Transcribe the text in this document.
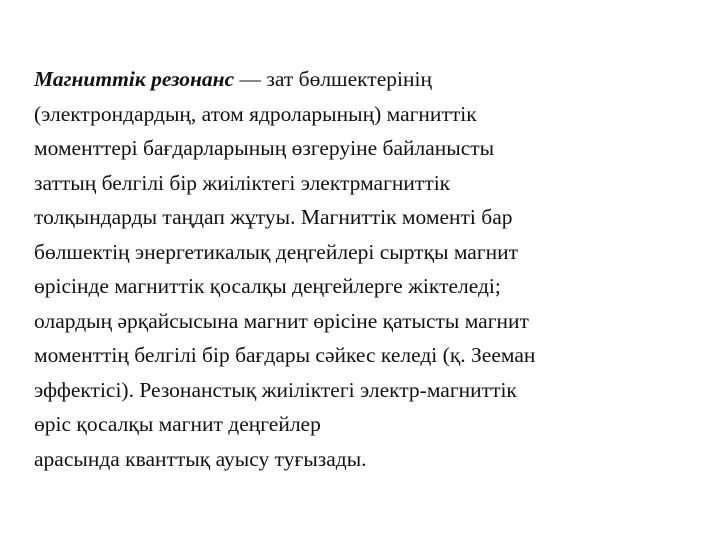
Магниттік резонанс — зат бөлшектерінің
(электрондардың, атом ядроларының) магниттік
моменттері бағдарларының өзгеруіне байланысты
заттың белгілі бір жиіліктегі электрмагниттік
толқындарды таңдап жұтуы. Магниттік моменті бар
бөлшектің энергетикалық деңгейлері сыртқы магнит
өрісінде магниттік қосалқы деңгейлерге жіктеледі;
олардың әрқайсысына магнит өрісіне қатысты магнит
моменттің белгілі бір бағдары сәйкес келеді (қ. Зееман
эффектісі). Резонанстық жиіліктегі электр-магниттік
өріс қосалқы магнит деңгейлер
арасында кванттық ауысу туғызады.
